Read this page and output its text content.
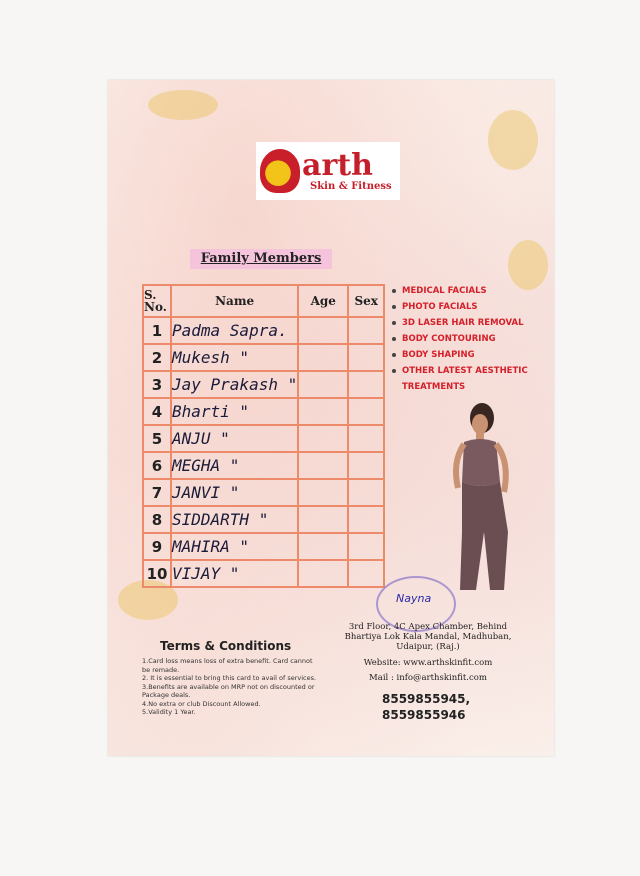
arth
Skin & Fitness
Family Members
S. No.	Name	Age	Sex
1	Padma Sapra.		
2	Mukesh "		
3	Jay Prakash "		
4	Bharti "		
5	ANJU "		
6	MEGHA "		
7	JANVI "		
8	SIDDARTH "		
9	MAHIRA "		
10	VIJAY "		
MEDICAL FACIALS
PHOTO FACIALS
3D LASER HAIR REMOVAL
BODY CONTOURING
BODY SHAPING
OTHER LATEST AESTHETIC TREATMENTS
Nayna
Terms & Conditions
1.Card loss means loss of extra benefit. Card cannot be remade.
2. It is essential to bring this card to avail of services.
3.Benefits are available on MRP not on discounted or Package deals.
4.No extra or club Discount Allowed.
5.Validity 1 Year.
3rd Floor, 4C Apex Chamber, Behind Bhartiya Lok Kala Mandal, Madhuban, Udaipur, (Raj.)
Website: www.arthskinfit.com
Mail : info@arthskinfit.com
8559855945,
8559855946
